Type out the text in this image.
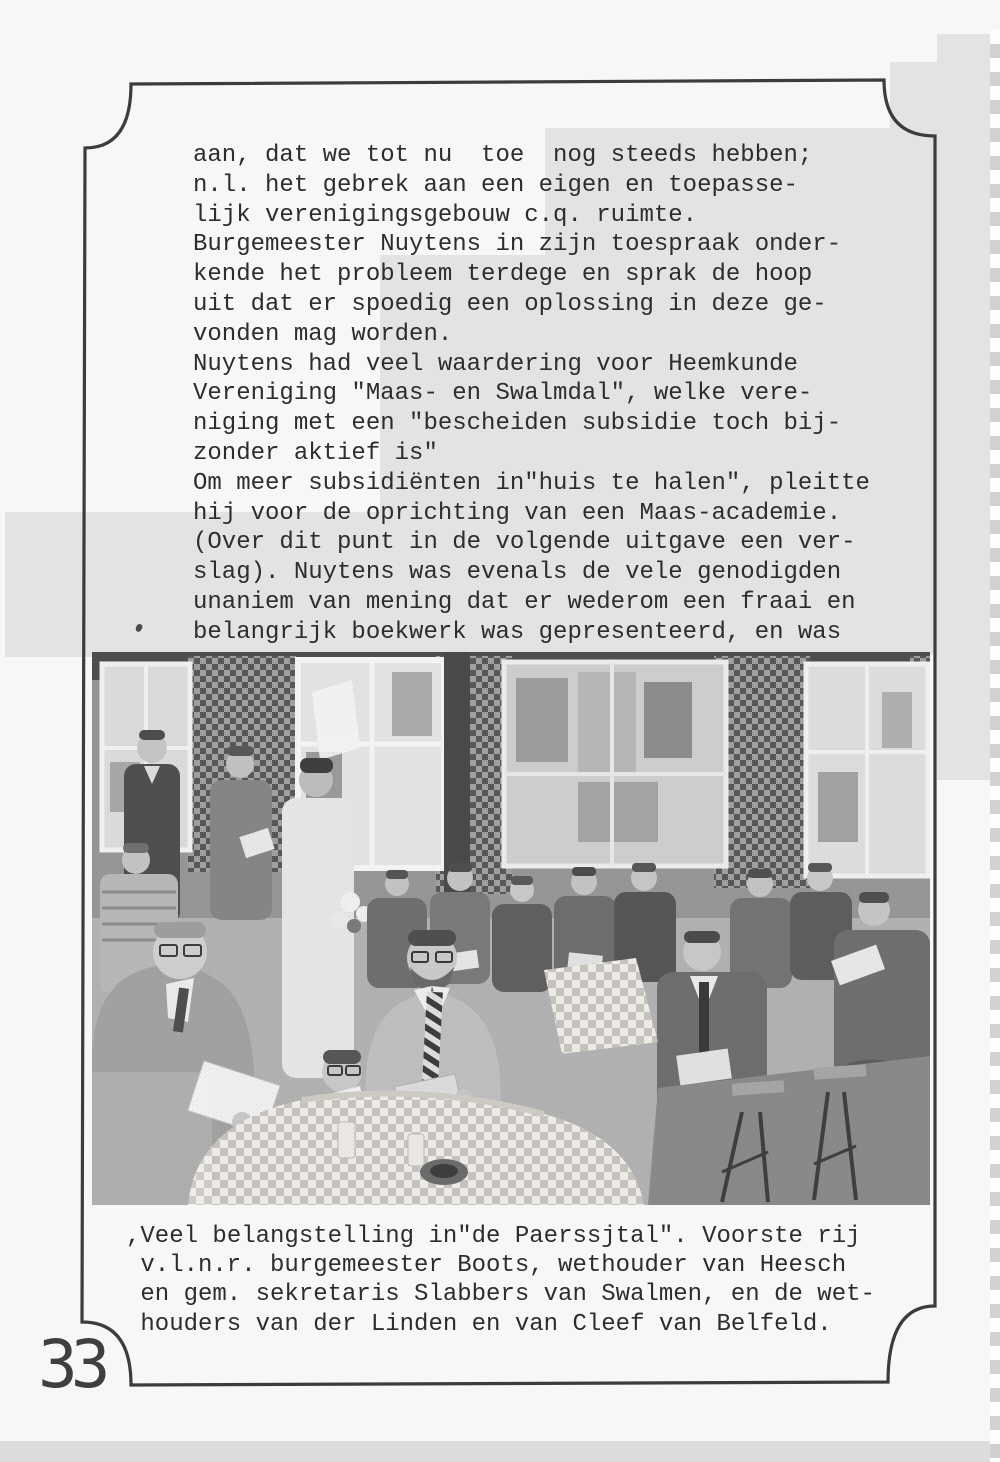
aan, dat we tot nu  toe  nog steeds hebben;
n.l. het gebrek aan een eigen en toepasse-
lijk verenigingsgebouw c.q. ruimte.
Burgemeester Nuytens in zijn toespraak onder-
kende het probleem terdege en sprak de hoop
uit dat er spoedig een oplossing in deze ge-
vonden mag worden.
Nuytens had veel waardering voor Heemkunde
Vereniging "Maas- en Swalmdal", welke vere-
niging met een "bescheiden subsidie toch bij-
zonder aktief is"
Om meer subsidiënten in"huis te halen", pleitte
hij voor de oprichting van een Maas-academie.
(Over dit punt in de volgende uitgave een ver-
slag). Nuytens was evenals de vele genodigden
unaniem van mening dat er wederom een fraai en
belangrijk boekwerk was gepresenteerd, en was
,Veel belangstelling in"de Paerssjtal". Voorste rij
v.l.n.r. burgemeester Boots, wethouder van Heesch
en gem. sekretaris Slabbers van Swalmen, en de wet-
houders van der Linden en van Cleef van Belfeld.
33
